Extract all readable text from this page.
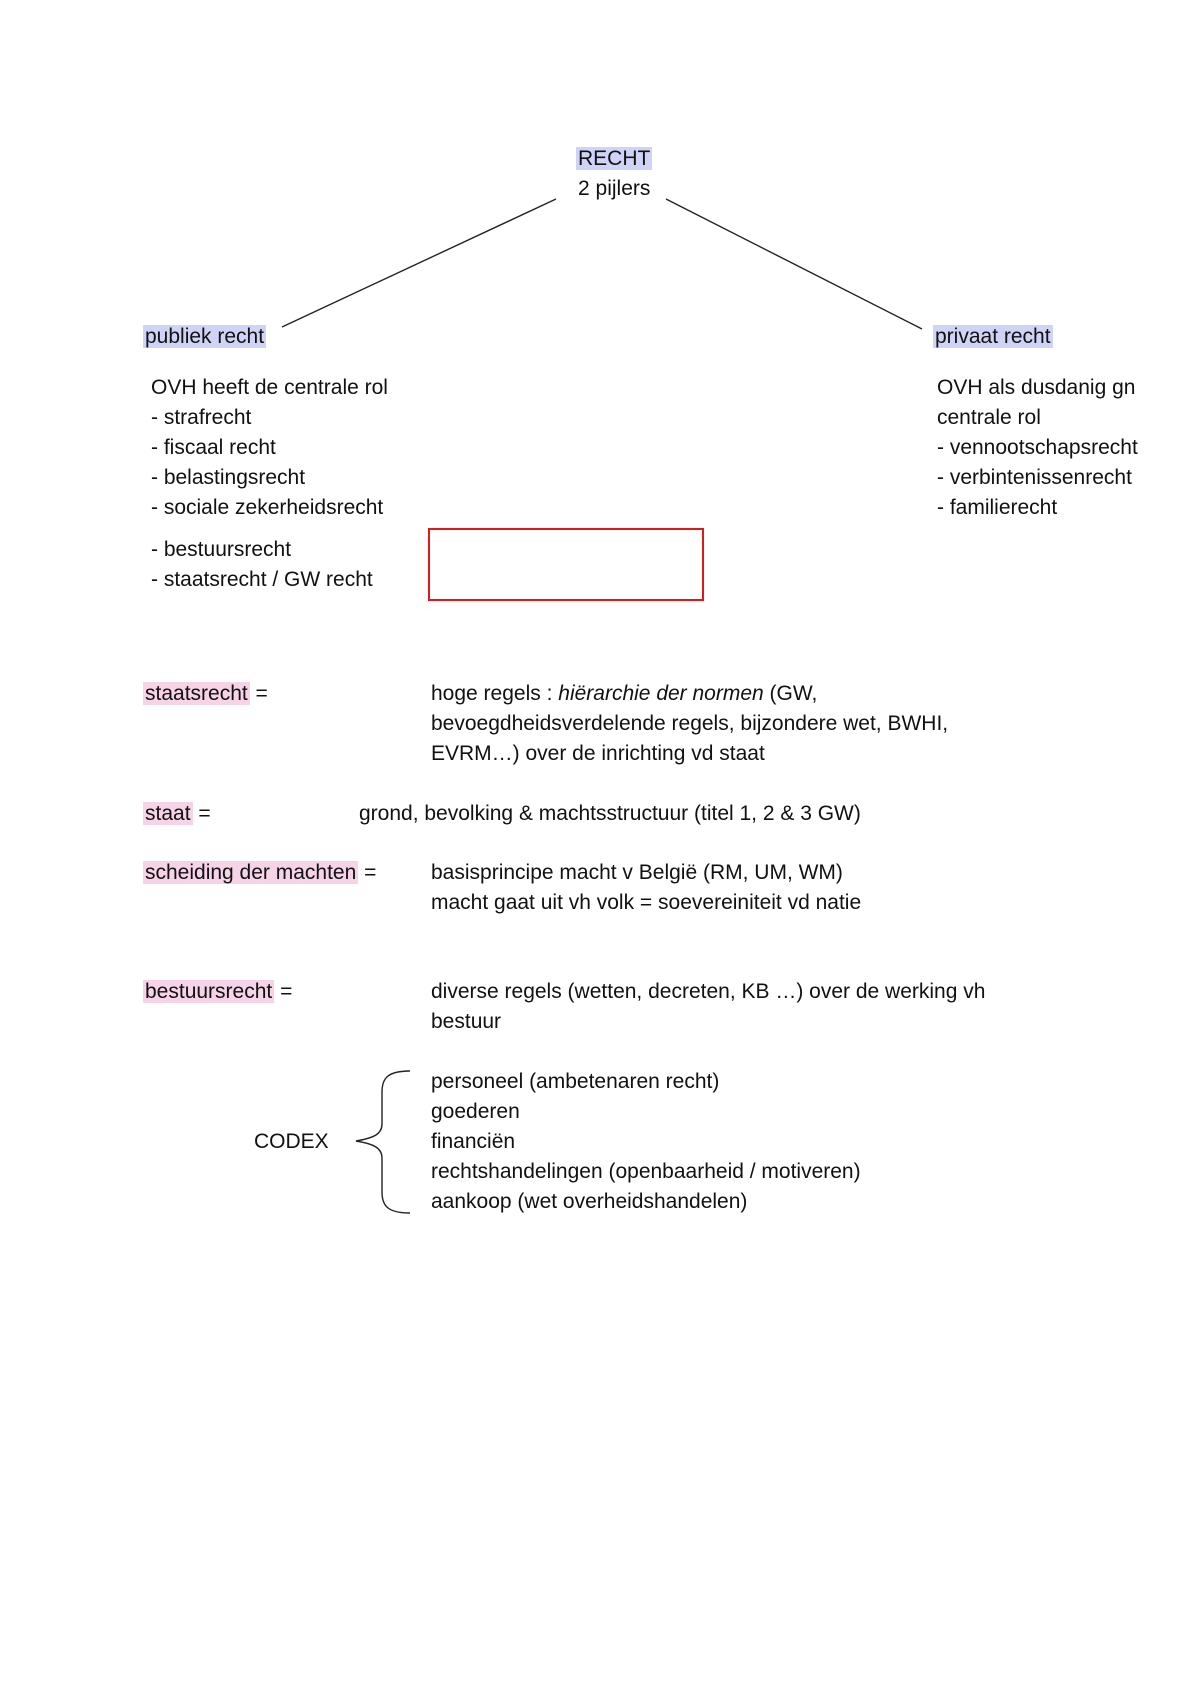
RECHT
2 pijlers
publiek recht
OVH heeft de centrale rol
- strafrecht
- fiscaal recht
- belastingsrecht
- sociale zekerheidsrecht
- bestuursrecht
- staatsrecht / GW recht
privaat recht
OVH als dusdanig gn
centrale rol
- vennootschapsrecht
- verbintenissenrecht
- familierecht
staatsrecht =	hoge regels : hiërarchie der normen (GW,
bevoegdheidsverdelende regels, bijzondere wet, BWHI,
EVRM…) over de inrichting vd staat
staat =	grond, bevolking & machtsstructuur (titel 1, 2 & 3 GW)
scheiding der machten =	basisprincipe macht v België (RM, UM, WM)
macht gaat uit vh volk = soevereiniteit vd natie
bestuursrecht =	diverse regels (wetten, decreten, KB …) over de werking vh
bestuur
CODEX
personeel (ambetenaren recht)
goederen
financiën
rechtshandelingen (openbaarheid / motiveren)
aankoop (wet overheidshandelen)
